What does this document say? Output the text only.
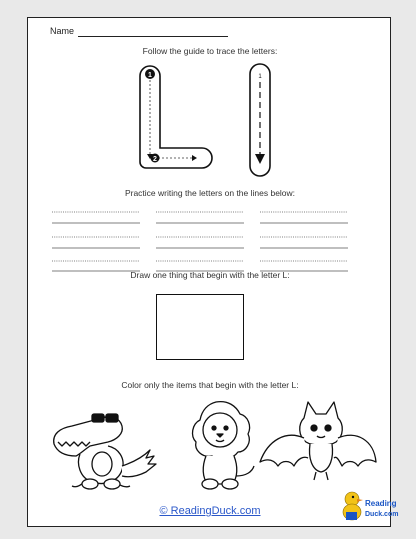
Name
Follow the guide to trace the letters:
1
2
1
Practice writing the letters on the lines below:
Draw one thing that begin with the letter L:
Color only the items that begin with the letter L:
© ReadingDuck.com
Reading
Duck.com
